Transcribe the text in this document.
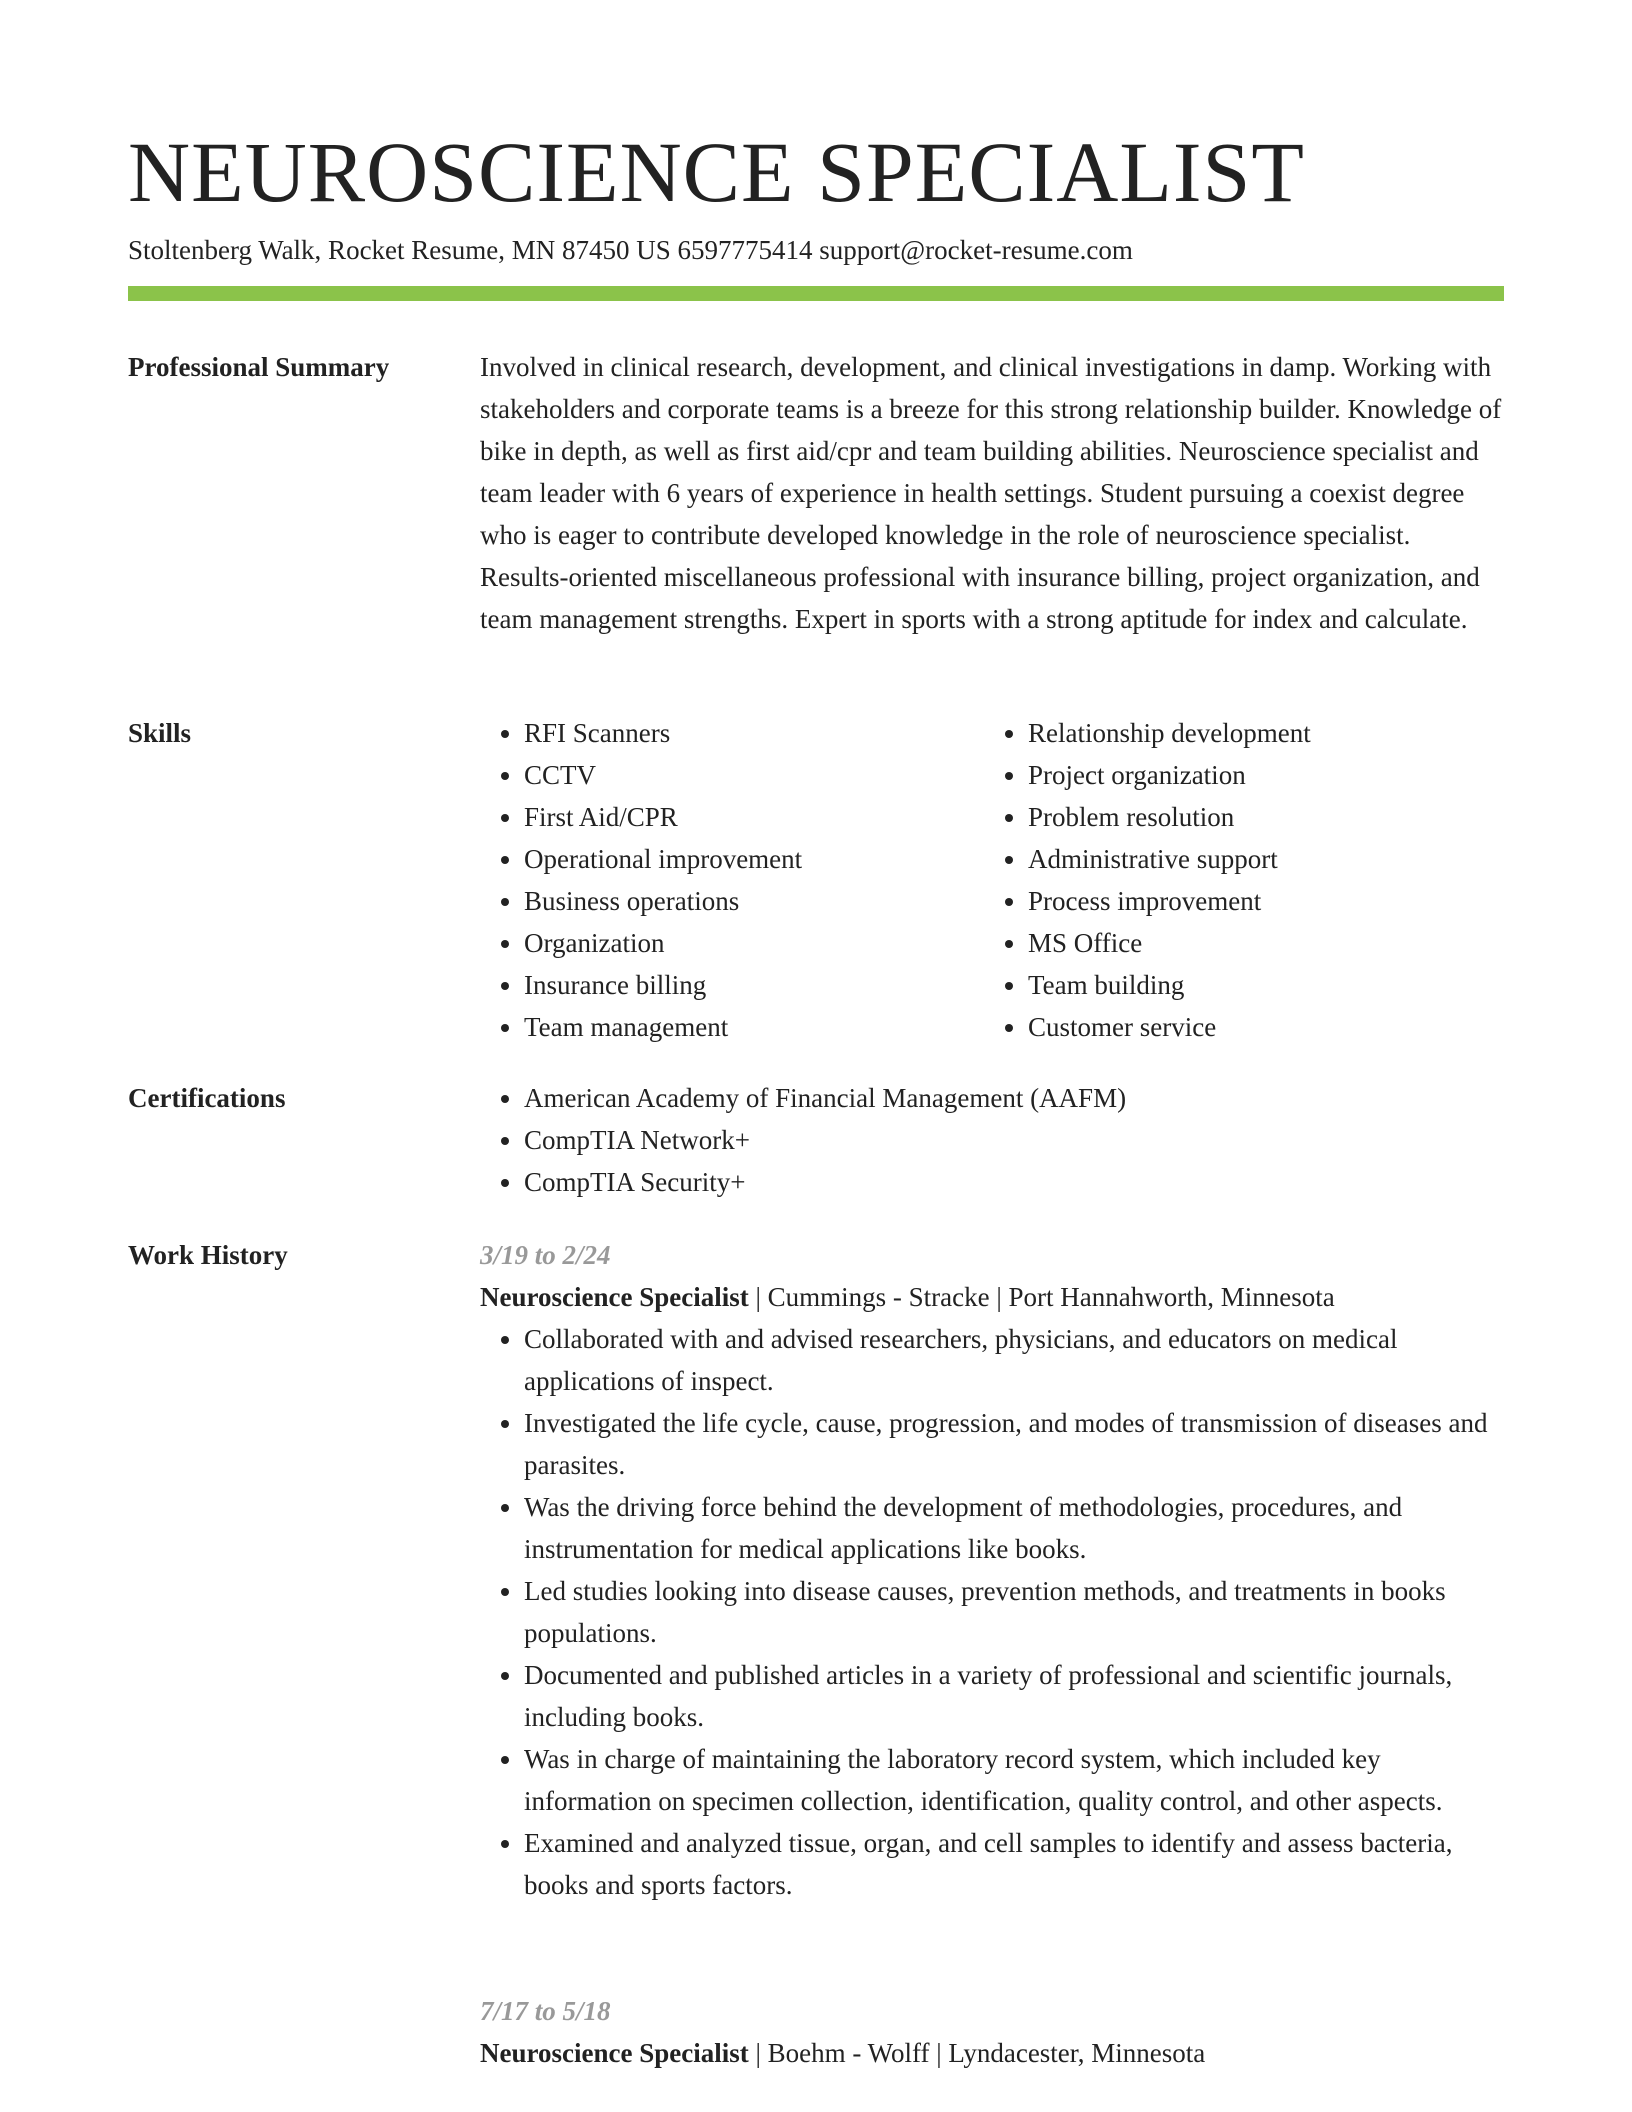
NEUROSCIENCE SPECIALIST

Stoltenberg Walk, Rocket Resume, MN 87450 US 6597775414 support@rocket-resume.com

Professional Summary	Involved in clinical research, development, and clinical investigations in damp. Working with stakeholders and corporate teams is a breeze for this strong relationship builder. Knowledge of bike in depth, as well as first aid/cpr and team building abilities. Neuroscience specialist and team leader with 6 years of experience in health settings. Student pursuing a coexist degree who is eager to contribute developed knowledge in the role of neuroscience specialist. Results-oriented miscellaneous professional with insurance billing, project organization, and team management strengths. Expert in sports with a strong aptitude for index and calculate.

Skills	• RFI Scanners
• CCTV
• First Aid/CPR
• Operational improvement
• Business operations
• Organization
• Insurance billing
• Team management
• Relationship development
• Project organization
• Problem resolution
• Administrative support
• Process improvement
• MS Office
• Team building
• Customer service
Certifications	• American Academy of Financial Management (AAFM)
• CompTIA Network+
• CompTIA Security+
Work History	3/19 to 2/24

Neuroscience Specialist | Cummings - Stracke | Port Hannahworth, Minnesota

• Collaborated with and advised researchers, physicians, and educators on medical applications of inspect.
• Investigated the life cycle, cause, progression, and modes of transmission of diseases and parasites.
• Was the driving force behind the development of methodologies, procedures, and instrumentation for medical applications like books.
• Led studies looking into disease causes, prevention methods, and treatments in books populations.
• Documented and published articles in a variety of professional and scientific journals, including books.
• Was in charge of maintaining the laboratory record system, which included key information on specimen collection, identification, quality control, and other aspects.
• Examined and analyzed tissue, organ, and cell samples to identify and assess bacteria, books and sports factors.

7/17 to 5/18

Neuroscience Specialist | Boehm - Wolff | Lyndacester, Minnesota
